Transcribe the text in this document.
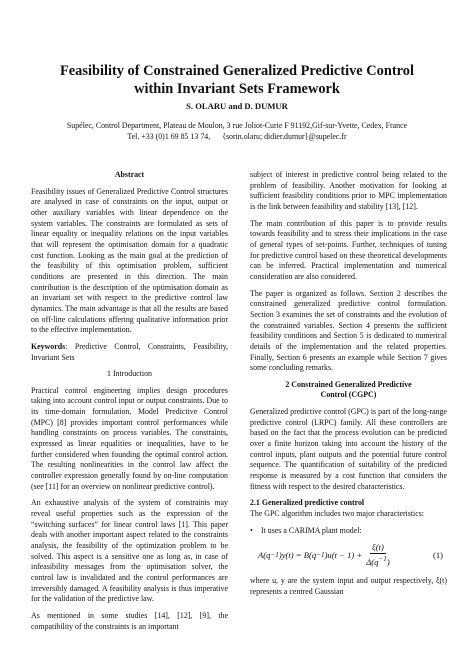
Feasibility of Constrained Generalized Predictive Control
within Invariant Sets Framework
S. OLARU and D. DUMUR
Supélec, Control Department, Plateau de Moulon, 3 rue Joliot-Curie F 91192,Gif-sur-Yvette, Cedex, France
Tel. +33 (0)1 69 85 13 74, {sorin.olaru; didier.dumur}@supelec.fr
Abstract

Feasibility issues of Generalized Predictive Control structures are analysed in case of constraints on the input, output or other auxiliary variables with linear dependence on the system variables. The constraints are formulated as sets of linear equality or inequality relations on the input variables that will represent the optimisation domain for a quadratic cost function. Looking as the main goal at the prediction of the feasibility of this optimisation problem, sufficient conditions are presented in this direction. The main contribution is the description of the optimisation domain as an invariant set with respect to the predictive control law dynamics. The main advantage is that all the results are based on off-line calculations offering qualitative information prior to the effective implementation.

Keywords: Predictive Control, Constraints, Feasibility, Invariant Sets

1 Introduction

Practical control engineering implies design procedures taking into account control input or output constraints. Due to its time-domain formulation, Model Predictive Control (MPC) [8] provides important control performances while handling constraints on process variables. The constraints, expressed as linear equalities or inequalities, have to be further considered when founding the optimal control action. The resulting nonlinearities in the control law affect the controller expression generally found by on-line computation (see [11] for an overview on nonlinear predictive control).

An exhaustive analysis of the system of constraints may reveal useful properties such as the expression of the “switching surfaces” for linear control laws [1]. This paper deals with another important aspect related to the constraints analysis, the feasibility of the optimization problem to be solved. This aspect is a sensitive one as long as, in case of infeasibility messages from the optimisation solver, the control law is invalidated and the control performances are irreversibly damaged. A feasibility analysis is thus imperative for the validation of the predictive law.

As mentioned in some studies [14], [12], [9], the compatibility of the constraints is an important

subject of interest in predictive control being related to the problem of feasibility. Another motivation for looking at sufficient feasibility conditions prior to MPC implementation is the link between feasibility and stability [13], [12].

The main contribution of this paper is to provide results towards feasibility and to stress their implications in the case of general types of set-points. Further, techniques of tuning for predictive control based on these theoretical developments can be inferred. Practical implementation and numerical consideration are also considered.

The paper is organized as follows. Section 2 describes the constrained generalized predictive control formulation. Section 3 examines the set of constraints and the evolution of the constrained variables. Section 4 presents the sufficient feasibility conditions and Section 5 is dedicated to numerical details of the implementation and the related properties. Finally, Section 6 presents an example while Section 7 gives some concluding remarks.

2 Constrained Generalized Predictive
Control (CGPC)

Generalized predictive control (GPC) is part of the long-range predictive control (LRPC) family. All these controllers are based on the fact that the process evolution can be predicted over a finite horizon taking into account the history of the control inputs, plant outputs and the potential future control sequence. The quantification of suitability of the predicted response is measured by a cost function that considers the fitness with respect to the desired characteristics.

2.1 Generalized predictive control

The GPC algorithm includes two major characteristics:

•	It uses a CARIMA plant model:
A(q −1 )y(t) = B(q −1 )$u(t - 1) + \frac{\xi(t)}{\Delta(q^{-1})}$	(1)

where u, y are the system input and output respectively, ξ(t) represents a centred Gaussian
